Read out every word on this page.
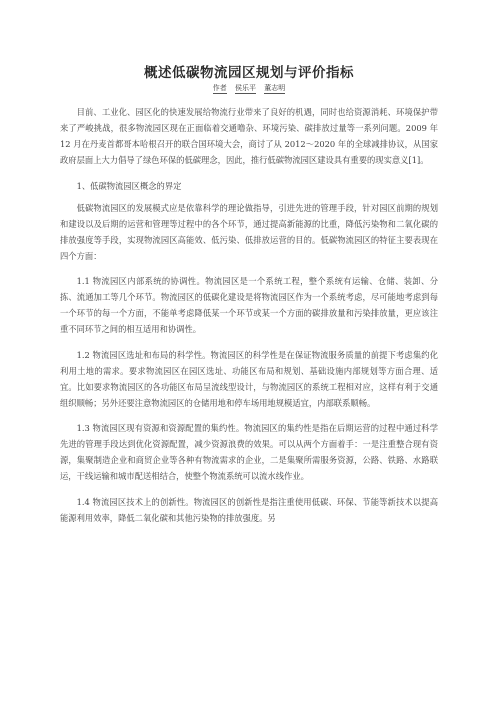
概述低碳物流园区规划与评价指标
作者 侯乐平 董志明

目前、工业化、园区化的快速发展给物流行业带来了良好的机遇，同时也给资源消耗、环境保护带来了严峻挑战，很多物流园区现在正面临着交通噜杂、环境污染、碳排放过量等一系列问题。2009 年 12 月在丹麦首都哥本哈根召开的联合国环境大会，商讨了从 2012～2020 年的全球减排协议，从国家政府层面上大力倡导了绿色环保的低碳理念，因此，推行低碳物流园区建设具有重要的现实意义[1]。

1、低碳物流园区概念的界定

低碳物流园区的发展模式应是依靠科学的理论做指导，引进先进的管理手段，针对园区前期的规划和建设以及后期的运营和管理等过程中的各个环节，通过提高新能源的比重，降低污染物和二氧化碳的排放强度等手段，实现物流园区高能效、低污染、低排放运营的目的。低碳物流园区的特征主要表现在四个方面：

1.1 物流园区内部系统的协调性。物流园区是一个系统工程，整个系统有运输、仓储、装卸、分拣、流通加工等几个环节。物流园区的低碳化建设是将物流园区作为一个系统考虑，尽可能地考虑到每一个环节的每一个方面，不能单考虑降低某一个环节或某一个方面的碳排放量和污染排放量，更应该注重不同环节之间的相互适用和协调性。

1.2 物流园区选址和布局的科学性。物流园区的科学性是在保证物流服务质量的前提下考虑集约化利用土地的需求。要求物流园区在园区选址、功能区布局和规划、基础设施内部规划等方面合理、适宜。比如要求物流园区的各功能区布局呈流线型设计，与物流园区的系统工程相对应，这样有利于交通组织顺畅；另外还要注意物流园区的仓储用地和停车场用地规模适宜，内部联系顺畅。

1.3 物流园区现有资源和资源配置的集约性。物流园区的集约性是指在后期运营的过程中通过科学先进的管理手段达到优化资源配置，减少资源浪费的效果。可以从两个方面着手：一是注重整合现有资源，集聚制造企业和商贸企业等各种有物流需求的企业，二是集聚所需服务资源，公路、铁路、水路联运，干线运输和城市配送相结合，使整个物流系统可以流水线作业。

1.4 物流园区技术上的创新性。物流园区的创新性是指注重使用低碳、环保、节能等新技术以提高能源利用效率，降低二氧化碳和其他污染物的排放强度。另
